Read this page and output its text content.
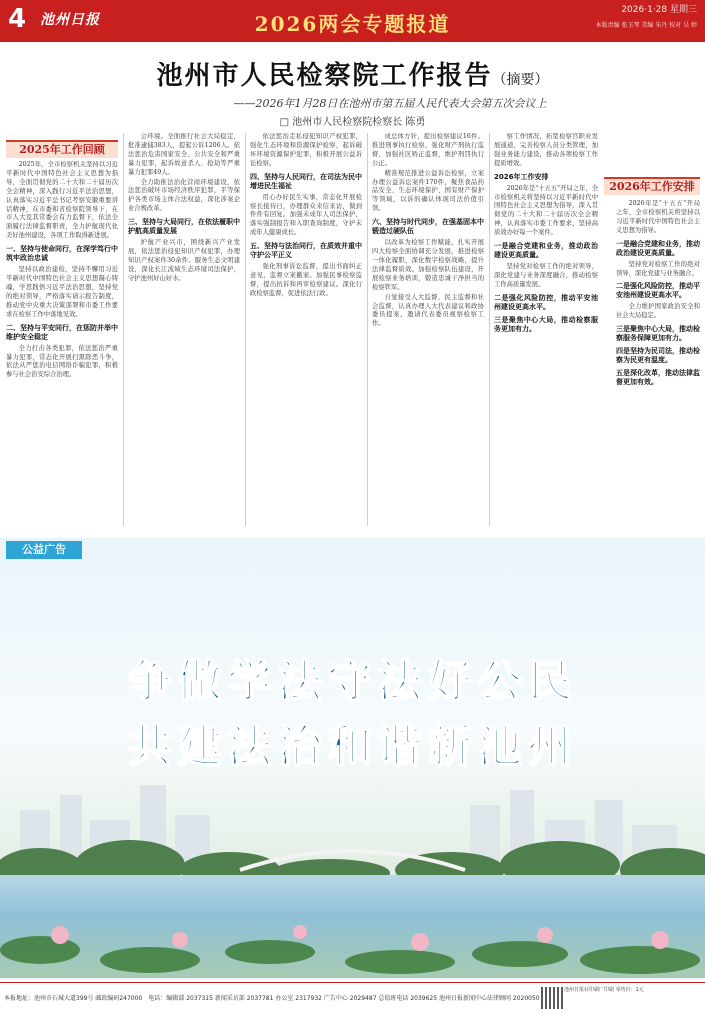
4 池州日报	2026两会专题报道
2026·1·28 星期三
本版责编 张玉琴 美编 朱丹 校对 吴 婷
池州市人民检察院工作报告（摘要）
——2026年1月28日在池州市第五届人民代表大会第五次会议上
□ 池州市人民检察院检察长 陈勇
2025年工作回顾
2026年工作安排

2025年，全市检察机关坚持以习近平新时代中国特色社会主义思想为指导，全面贯彻党的二十大和二十届历次全会精神，深入践行习近平法治思想，认真落实习近平总书记考察安徽重要讲话精神，在市委和省检察院领导下，在市人大及其常委会有力监督下，依法全面履行法律监督职责，全力护航现代化美好池州建设，各项工作取得新进展。

一、坚持与使命同行，在深学笃行中筑牢政治忠诚

坚持以政治建检，坚持不懈用习近平新时代中国特色社会主义思想凝心铸魂，学思践悟习近平法治思想，坚持党的绝对领导，严格落实请示报告制度，推动党中央重大决策部署和市委工作要求在检察工作中落地见效。

二、坚持与平安同行，在惩防并举中维护安全稳定

全力打击各类犯罪，依法惩治严重暴力犯罪，常态化开展扫黑除恶斗争，依法从严惩治电信网络诈骗犯罪，积极参与社会治安综合治理。

会环境。全面推行社会大局稳定，批准逮捕383人，提起公诉1206人。依法惩治危害国家安全、公共安全和严重暴力犯罪，起诉故意杀人、抢劫等严重暴力犯罪49人。

全力助推法治化营商环境建设，依法惩治破坏市场经济秩序犯罪，平等保护各类市场主体合法权益，深化涉案企业合规改革。

三、坚持与大局同行，在依法履职中护航高质量发展

护航产业兴市，围绕新兴产业发展，依法惩治侵犯知识产权犯罪，办理知识产权案件30余件。服务生态文明建设，深化长江流域生态环境司法保护，守护池州好山好水。

依法惩治走私侵犯知识产权犯罪，强化生态环境和资源保护检察，起诉破坏环境资源保护犯罪，积极开展公益诉讼检察。

四、坚持与人民同行，在司法为民中增进民生福祉

用心办好民生实事，常态化开展检察长接待日，办理群众来信来访，做到件件有回复。加强未成年人司法保护，落实强制报告和入职查询制度，守护未成年人健康成长。

五、坚持与法治同行，在质效并重中守护公平正义

强化刑事诉讼监督，提出书面纠正意见，监督立案撤案。加强民事检察监督，提出抗诉和再审检察建议。深化行政检察监督，促进依法行政。

成总体方针，提出检察建议16件。推进刑事执行检察，强化财产刑执行监督，加强社区矫正监督，维护刑罚执行公正。

精准规范推进公益诉讼检察，立案办理公益诉讼案件170件，聚焦食品药品安全、生态环境保护、国有财产保护等领域，以诉的确认体现司法价值引领。

六、坚持与时代同步，在强基固本中锻造过硬队伍

以改革为检察工作赋能，扎实开展四大检察全面协调充分发展，推进检察一体化履职，深化数字检察战略，提升法律监督质效。加强检察队伍建设，开展检察业务培训，锻造忠诚干净担当的检察铁军。

自觉接受人大监督、民主监督和社会监督，认真办理人大代表建议和政协委员提案，邀请代表委员视察检察工作。

察工作情况，拓宽检察官职业发展通道，完善检察人员分类管理，加强业务能力建设，推动各项检察工作提质增效。

2026年工作安排

2026年是"十五五"开局之年，全市检察机关将坚持以习近平新时代中国特色社会主义思想为指导，深入贯彻党的二十大和二十届历次全会精神，认真落实市委工作要求，坚持高质效办好每一个案件。

一是融合党建和业务，推动政治建设更高质量。

坚持党对检察工作的绝对领导，深化党建与业务深度融合，推动检察工作高质量发展。

二是强化风险防控，推动平安池州建设更高水平。
三是聚焦中心大局，推动检察服务更加有力。

2026年是"十五五"开局之年，全市检察机关将坚持以习近平新时代中国特色社会主义思想为指导。

一是融合党建和业务，推动政治建设更高质量。

坚持党对检察工作的绝对领导，深化党建与业务融合。

二是强化风险防控，推动平安池州建设更高水平。

全力维护国家政治安全和社会大局稳定。

三是聚焦中心大局，推动检察服务保障更加有力。
四是坚持为民司法，推动检察为民更有温度。
五是深化改革，推动法律监督更加有效。
公益广告
争做学法守法好公民
共建法治和谐新池州
本报地址：池州市石城大道399号 邮政编码247000　 电话：编辑部 2037315 新闻采访部 2037781 办公室 2317932 广告中心 2029487 总值班电话 2039625 池州日报新闻中心法律顾问 2020050
池州日报社印刷厂印刷 零售价：1元
